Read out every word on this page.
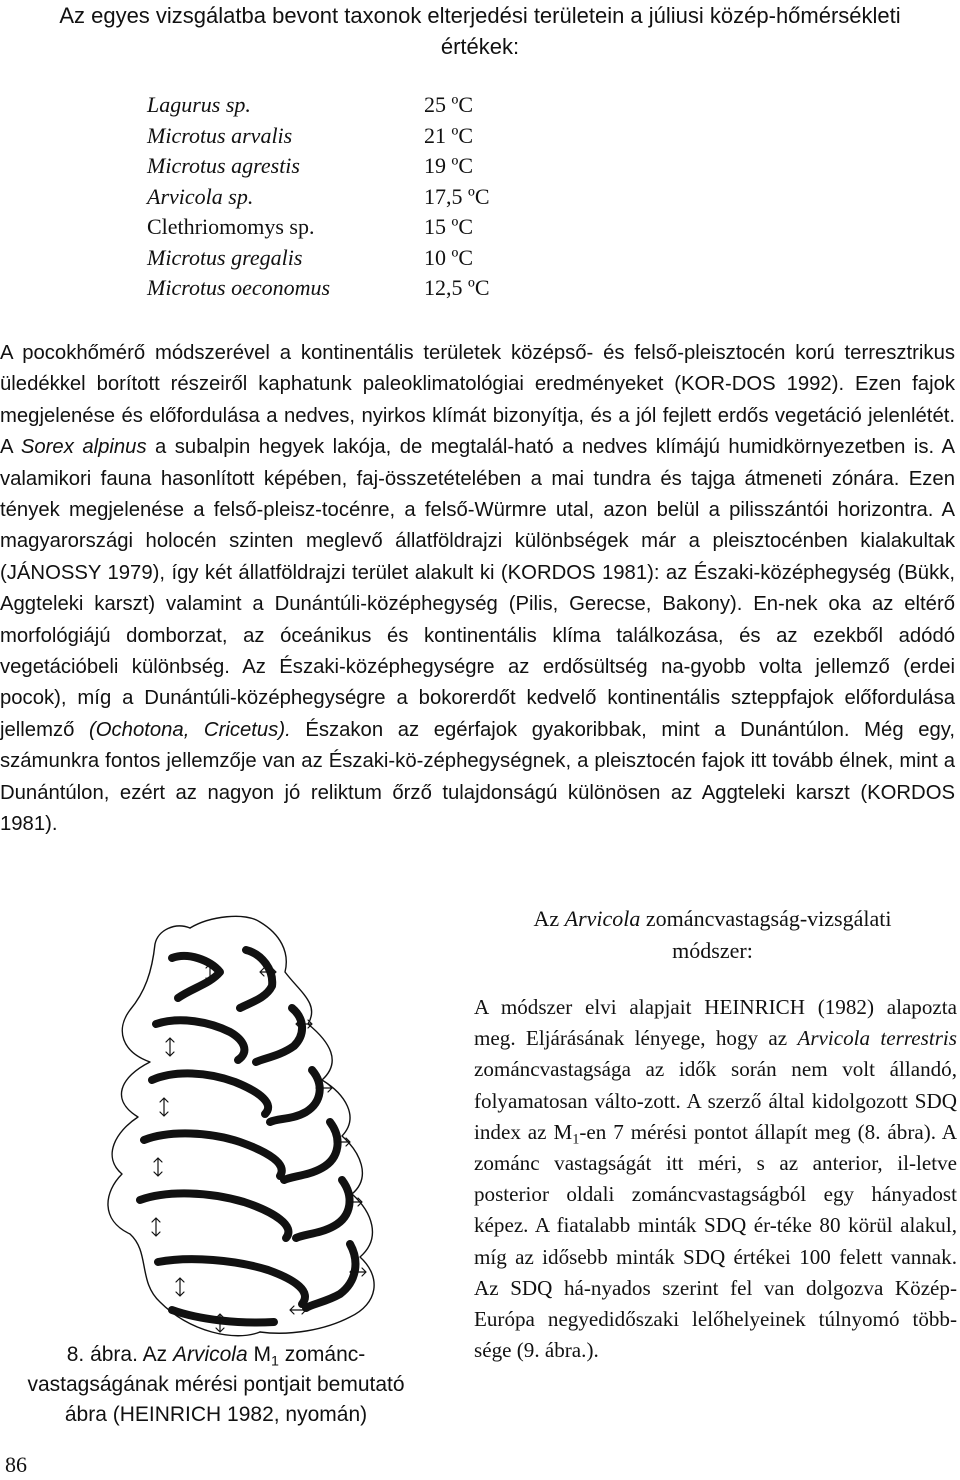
Az egyes vizsgálatba bevont taxonok elterjedési területein a júliusi közép-hőmérsékleti
értékek:
Lagurus sp.	25 ºC
Microtus arvalis	21 ºC
Microtus agrestis	19 ºC
Arvicola sp.	17,5 ºC
Clethriomomys sp.	15 ºC
Microtus gregalis	10 ºC
Microtus oeconomus	12,5 ºC
A pocokhőmérő módszerével a kontinentális területek középső- és felső-pleisztocén korú terresztrikus üledékkel borított részeiről kaphatunk paleoklimatológiai eredményeket (KOR-DOS 1992). Ezen fajok megjelenése és előfordulása a nedves, nyirkos klímát bizonyítja, és a jól fejlett erdős vegetáció jelenlétét. A Sorex alpinus a subalpin hegyek lakója, de megtalál-ható a nedves klímájú humidkörnyezetben is. A valamikori fauna hasonlított képében, faj-összetételében a mai tundra és tajga átmeneti zónára. Ezen tények megjelenése a felső-pleisz-tocénre, a felső-Würmre utal, azon belül a pilisszántói horizontra. A magyarországi holocén szinten meglevő állatföldrajzi különbségek már a pleisztocénben kialakultak (JÁNOSSY 1979), így két állatföldrajzi terület alakult ki (KORDOS 1981): az Északi-középhegység (Bükk, Aggteleki karszt) valamint a Dunántúli-középhegység (Pilis, Gerecse, Bakony). En-nek oka az eltérő morfológiájú domborzat, az óceánikus és kontinentális klíma találkozása, és az ezekből adódó vegetációbeli különbség. Az Északi-középhegységre az erdősültség na-gyobb volta jellemző (erdei pocok), míg a Dunántúli-középhegységre a bokorerdőt kedvelő kontinentális szteppfajok előfordulása jellemző (Ochotona, Cricetus). Északon az egérfajok gyakoribbak, mint a Dunántúlon. Még egy, számunkra fontos jellemzője van az Északi-kö-zéphegységnek, a pleisztocén fajok itt tovább élnek, mint a Dunántúlon, ezért az nagyon jó reliktum őrző tulajdonságú különösen az Aggteleki karszt (KORDOS 1981).
8. ábra. Az Arvicola $M_1$ zománc-
vastagságának mérési pontjait bemutató
ábra (HEINRICH 1982, nyomán)
Az Arvicola zománcvastagság-vizsgálati
módszer:
A módszer elvi alapjait HEINRICH (1982) alapozta meg. Eljárásának lényege, hogy az Arvicola terrestris zománcvastagsága az idők során nem volt állandó, folyamatosan válto-zott. A szerző által kidolgozott SDQ index az $M_1-en$ 7 mérési pontot állapít meg (8. ábra). A zománc vastagságát itt méri, s az anterior, il-letve posterior oldali zománcvastagságból egy hányadost képez. A fiatalabb minták SDQ ér-téke 80 körül alakul, míg az idősebb minták SDQ értékei 100 felett vannak. Az SDQ há-nyados szerint fel van dolgozva Közép-Európa negyedidőszaki lelőhelyeinek túlnyomó több-sége (9. ábra.).
86
